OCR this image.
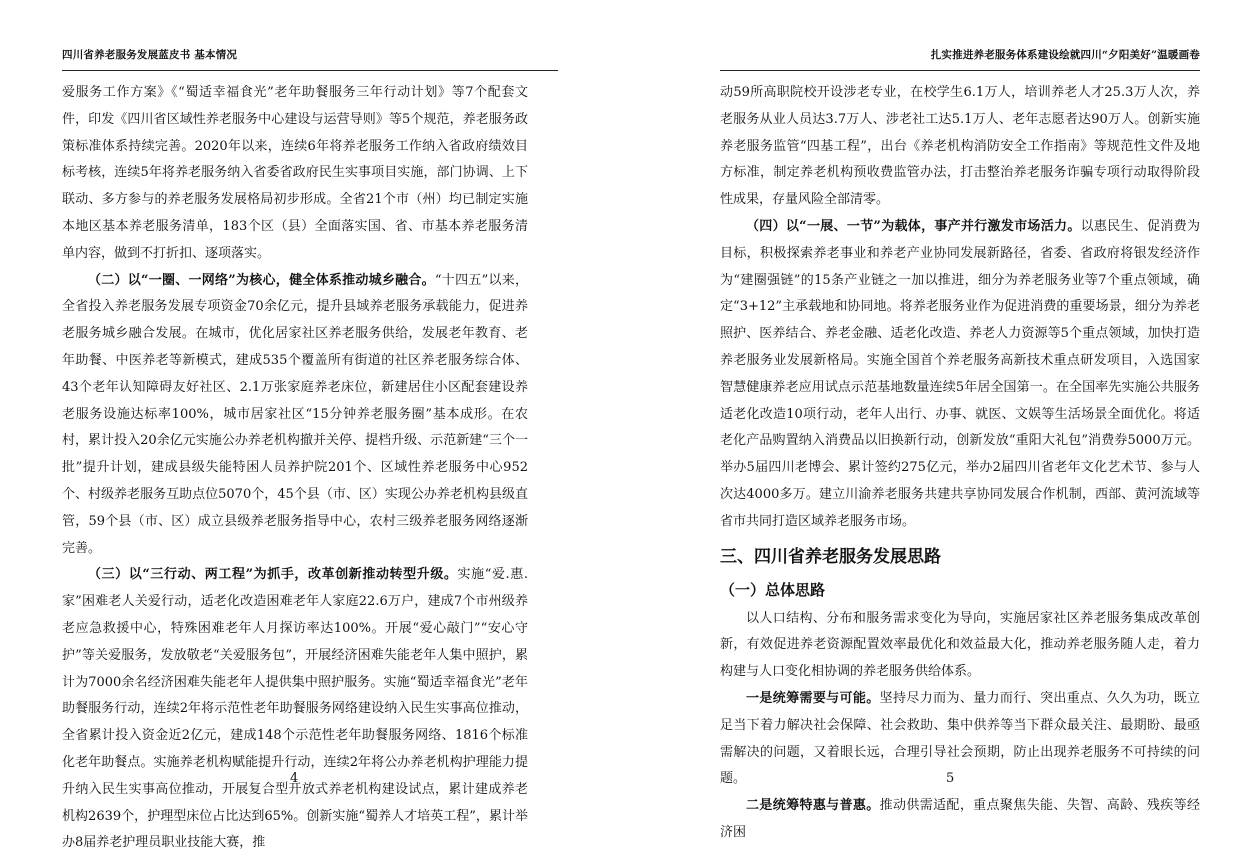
四川省养老服务发展蓝皮书 基本情况

爱服务工作方案》《“蜀适幸福食光”老年助餐服务三年行动计划》等7个配套文件，印发《四川省区域性养老服务中心建设与运营导则》等5个规范，养老服务政策标准体系持续完善。2020年以来，连续6年将养老服务工作纳入省政府绩效目标考核，连续5年将养老服务纳入省委省政府民生实事项目实施，部门协调、上下联动、多方参与的养老服务发展格局初步形成。全省21个市（州）均已制定实施本地区基本养老服务清单，183个区（县）全面落实国、省、市基本养老服务清单内容，做到不打折扣、逐项落实。

（二）以“一圈、一网络”为核心，健全体系推动城乡融合。“十四五”以来，全省投入养老服务发展专项资金70余亿元，提升县域养老服务承载能力，促进养老服务城乡融合发展。在城市，优化居家社区养老服务供给，发展老年教育、老年助餐、中医养老等新模式，建成535个覆盖所有街道的社区养老服务综合体、43个老年认知障碍友好社区、2.1万张家庭养老床位，新建居住小区配套建设养老服务设施达标率100%，城市居家社区“15分钟养老服务圈”基本成形。在农村，累计投入20余亿元实施公办养老机构撤并关停、提档升级、示范新建“三个一批”提升计划，建成县级失能特困人员养护院201个、区域性养老服务中心952个、村级养老服务互助点位5070个，45个县（市、区）实现公办养老机构县级直管，59个县（市、区）成立县级养老服务指导中心，农村三级养老服务网络逐渐完善。

（三）以“三行动、两工程”为抓手，改革创新推动转型升级。实施“爱.惠.家”困难老人关爱行动，适老化改造困难老年人家庭22.6万户，建成7个市州级养老应急救援中心，特殊困难老年人月探访率达100%。开展“爱心敲门”“安心守护”等关爱服务，发放敬老“关爱服务包”，开展经济困难失能老年人集中照护，累计为7000余名经济困难失能老年人提供集中照护服务。实施“蜀适幸福食光”老年助餐服务行动，连续2年将示范性老年助餐服务网络建设纳入民生实事高位推动，全省累计投入资金近2亿元，建成148个示范性老年助餐服务网络、1816个标准化老年助餐点。实施养老机构赋能提升行动，连续2年将公办养老机构护理能力提升纳入民生实事高位推动，开展复合型开放式养老机构建设试点，累计建成养老机构2639个，护理型床位占比达到65%。创新实施“蜀养人才培英工程”，累计举办8届养老护理员职业技能大赛，推

4
扎实推进养老服务体系建设绘就四川“夕阳美好”温暖画卷

动59所高职院校开设涉老专业，在校学生6.1万人，培训养老人才25.3万人次，养老服务从业人员达3.7万人、涉老社工达5.1万人、老年志愿者达90万人。创新实施养老服务监管“四基工程”，出台《养老机构消防安全工作指南》等规范性文件及地方标准，制定养老机构预收费监管办法，打击整治养老服务诈骗专项行动取得阶段性成果，存量风险全部清零。

（四）以“一展、一节”为载体，事产并行激发市场活力。以惠民生、促消费为目标，积极探索养老事业和养老产业协同发展新路径，省委、省政府将银发经济作为“建圈强链”的15条产业链之一加以推进，细分为养老服务业等7个重点领域，确定“3+12”主承载地和协同地。将养老服务业作为促进消费的重要场景，细分为养老照护、医养结合、养老金融、适老化改造、养老人力资源等5个重点领域，加快打造养老服务业发展新格局。实施全国首个养老服务高新技术重点研发项目，入选国家智慧健康养老应用试点示范基地数量连续5年居全国第一。在全国率先实施公共服务适老化改造10项行动，老年人出行、办事、就医、文娱等生活场景全面优化。将适老化产品购置纳入消费品以旧换新行动，创新发放“重阳大礼包”消费券5000万元。举办5届四川老博会、累计签约275亿元，举办2届四川省老年文化艺术节、参与人次达4000多万。建立川渝养老服务共建共享协同发展合作机制，西部、黄河流域等省市共同打造区域养老服务市场。

三、四川省养老服务发展思路

（一）总体思路

以人口结构、分布和服务需求变化为导向，实施居家社区养老服务集成改革创新，有效促进养老资源配置效率最优化和效益最大化，推动养老服务随人走，着力构建与人口变化相协调的养老服务供给体系。

一是统筹需要与可能。坚持尽力而为、量力而行、突出重点、久久为功，既立足当下着力解决社会保障、社会救助、集中供养等当下群众最关注、最期盼、最亟需解决的问题，又着眼长远，合理引导社会预期，防止出现养老服务不可持续的问题。

二是统筹特惠与普惠。推动供需适配，重点聚焦失能、失智、高龄、残疾等经济困

5
